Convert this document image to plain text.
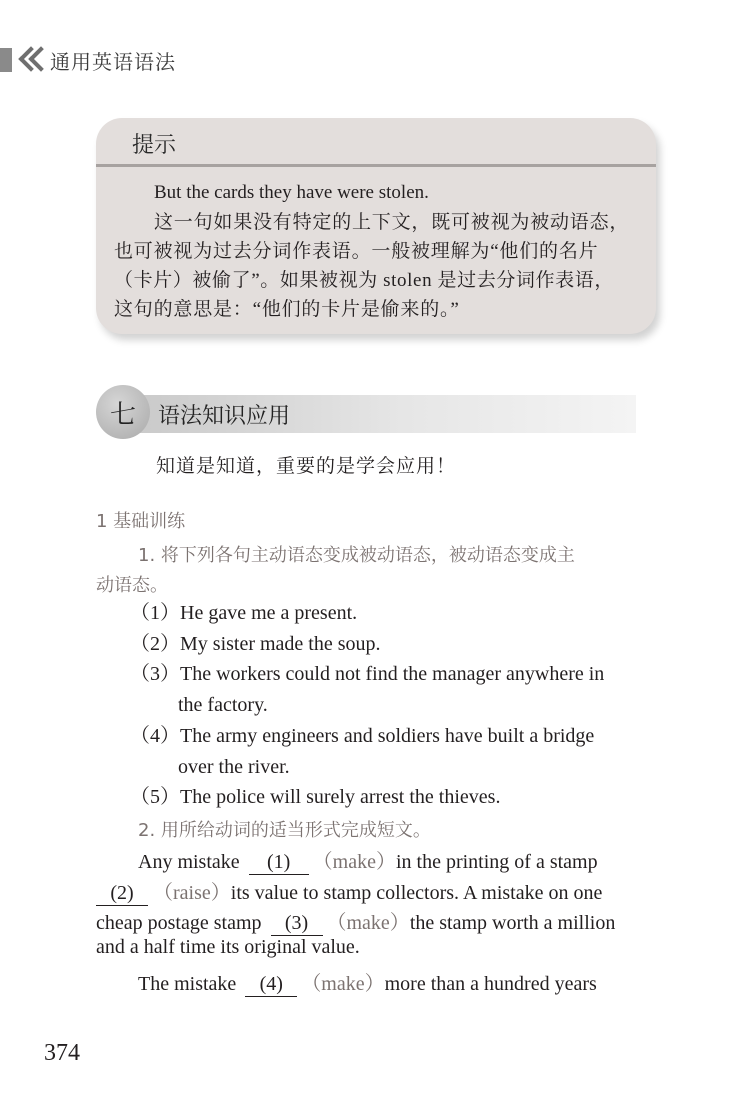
通用英语语法
提示
But the cards they have were stolen.
这一句如果没有特定的上下文，既可被视为被动语态，
也可被视为过去分词作表语。一般被理解为“他们的名片
（卡片）被偷了”。如果被视为 stolen 是过去分词作表语，
这句的意思是：“他们的卡片是偷来的。”
七	语法知识应用
知道是知道，重要的是学会应用！
1 基础训练
1. 将下列各句主动语态变成被动语态，被动语态变成主
动语态。
（1）He gave me a present.
（2）My sister made the soup.
（3）The workers could not find the manager anywhere in
the factory.
（4）The army engineers and soldiers have built a bridge
over the river.
（5）The police will surely arrest the thieves.
2. 用所给动词的适当形式完成短文。
Any mistake (1) （make）in the printing of a stamp
(2) （raise）its value to stamp collectors. A mistake on one
cheap postage stamp (3) （make）the stamp worth a million
and a half time its original value.
The mistake (4) （make）more than a hundred years
374
